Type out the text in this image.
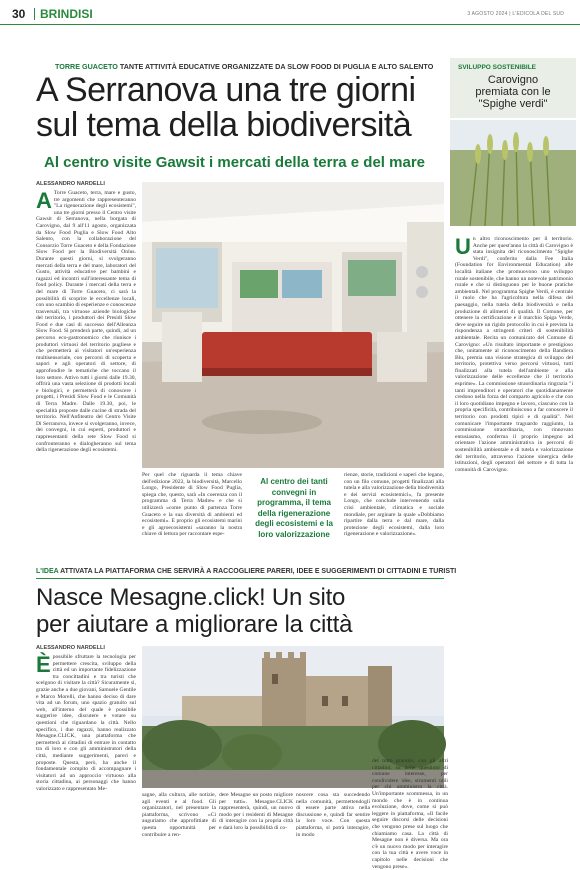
30 BRINDISI	3 AGOSTO 2024 | L'EDICOLA DEL SUD
TORRE GUACETO TANTE ATTIVITÀ EDUCATIVE ORGANIZZATE DA SLOW FOOD DI PUGLIA E ALTO SALENTO
A Serranova una tre giorni
sul tema della biodiversità
Al centro visite Gawsit i mercati della terra e del mare
ALESSANDRO NARDELLI
A Torre Guaceto, terra, mare e gusto, tre argomenti che rappresenteranno "La rigenerazione degli ecosistemi", una tre giorni presso il Centro visite Gawsit di Serranova, nella borgata di Carovigno, dal 9 all'11 agosto, organizzata da Slow Food Puglia e Slow Food Alto Salento, con la collaborazione del Consorzio Torre Guaceto e della Fondazione Slow Food per la Biodiversità Onlus. Durante questi giorni, si svolgeranno mercati della terra e del mare, laboratori del Gusto, attività educative per bambini e ragazzi ed incontri sull'interessante tema di food policy. Durante i mercati della terra e del mare di Torre Guaceto, ci sarà la possibilità di scoprire le eccellenze locali, con uno scambio di esperienze e conoscenze trasversali, tra virtuose aziende biologiche del territorio, i produttori dei Presìdi Slow Food e due casi di successo dell'Alleanza Slow Food. Si prenderà parte, quindi, ad un percorso eco-gastronomico che riunisce i produttori virtuosi del territorio pugliese e che permetterà ai visitatori un'esperienza multisensoriale, con percorsi di scoperta e sapori e agli operatori di settore, di approfondire le tematiche che toccano il loro settore. Attivo tutti i giorni dalle 19.30, offrirà una vasta selezione di prodotti locali e biologici, e permetterà di conoscere i progetti, i Presìdi Slow Food e le Comunità di Terra Madre. Dalle 19.30, poi, le specialità proposte dalle cucine di strada del territorio. Nell'Anfiteatro del Centro Visite Di Serranova, invece si svolgeranno, invece, dei convegni, in cui esperti, produttori e rappresentanti della rete Slow Food si confronteranno e dialogheranno sul tema della rigenerazione degli ecosistemi.
Per quel che riguarda il tema chiave dell'edizione 2022, la biodiversità, Marcello Longo, Presidente di Slow Food Puglia, spiega che, questo, sarà «In coerenza con il programma di Terra Madre» e che si utilizzerà «come punto di partenza Torre Guaceto e la sua diversità di ambienti ed ecosistemi». E proprio gli ecosistemi marini e gli agroecosistemi «saranno la nostra chiave di lettura per raccontare espe-
Al centro dei tanti convegni in programma, il tema della rigenerazione degli ecosistemi e la loro valorizzazione
rienze, storie, tradizioni e saperi che legano, con un filo comune, progetti finalizzati alla tutela e alla valorizzazione della biodiversità e dei servizi ecosistemici», fa presente Longo, che conclude intervenendo sulla crisi ambientale, climatica e sociale mondiale, per arginare la quale «Dobbiamo ripartire dalla terra e dal mare, dalla protezione degli ecosistemi, dalla loro rigenerazione e valorizzazione».
SVILUPPO SOSTENIBILE
Carovigno
premiata con le
"Spighe verdi"
Un altro riconoscimento per il territorio. Anche per quest'anno la città di Carovigno è stata insignita del riconoscimento "Spighe Verdi", conferito dalla Fee Italia (Foundation for Environmental Education) alle località italiane che promuovono uno sviluppo rurale sostenibile, che hanno un notevole patrimonio rurale e che si distinguono per le buone pratiche ambientali. Nel programma Spighe Verdi, è centrale il ruolo che ha l'agricoltura nella difesa del paesaggio, nella tutela della biodiversità e nella produzione di alimenti di qualità. Il Comune, per ottenere la certificazione e il marchio Spiga Verde, deve seguire un rigido protocollo in cui è prevista la rispondenza a stringenti criteri di sostenibilità ambientale. Recita un comunicato del Comune di Carovigno: «Un risultato importante e prestigioso che, unitamente al riconoscimento della Bandiera Blu, premia una visione strategica di sviluppo del territorio, protettiva verso percorsi virtuosi, tutti finalizzati alla tutela dell'ambiente e alla valorizzazione delle eccellenze che il territorio esprime». La commissione straordinaria ringrazia "i tanti imprenditori e operatori che quotidianamente credono nella forza del comparto agricolo e che con il loro quotidiano impegno e lavoro, ciascuno con la propria specificità, contribuiscono a far conoscere il territorio con prodotti tipici e di qualità". Nel comunicare l'importante traguardo raggiunto, la commissione straordinaria, con rinnovato entusiasmo, conferma il proprio impegno ad orientare l'azione amministrativa in percorsi di sostenibilità ambientale e di tutela e valorizzazione del territorio, attraverso l'azione sinergica delle istituzioni, degli operatori del settore e di tutta la comunità di Carovigno.
L'IDEA ATTIVATA LA PIATTAFORMA CHE SERVIRÀ A RACCOGLIERE PARERI, IDEE E SUGGERIMENTI DI CITTADINI E TURISTI
Nasce Mesagne.click! Un sito
per aiutare a migliorare la città
ALESSANDRO NARDELLI
Èpossibile sfruttare la tecnologia per permettere crescita, sviluppo della città ed un importante fidelizzazione tra concittadini e tra turisti che scelgono di visitare la città? Sicuramente sì, grazie anche a due giovani, Samuele Gentile e Marco Morelli, che hanno deciso di dare vita ad un forum, uno spazio gratuito sul web, all'interno del quale è possibile suggerire idee, discutere e votare su questioni che riguardano la città. Nello specifico, i due ragazzi, hanno realizzato Mesagne.CLICK, una piattaforma che permetterà ai cittadini di entrare in contatto tra di loro e con gli amministratori della città, mediante suggerimenti, pareri e proposte. Questa, però, ha anche il fondamentale compito di accompagnare i visitatori ad un approccio virtuoso alla storia cittadina, ai personaggi che hanno valorizzato e rappresentato Me-
sagne, alla cultura, alle notizie, agli eventi e al food. Gli organizzatori, nel presentare la piattaforma, scrivono «Ci auguriamo che approfittiate di questa opportunità per contribuire a ren-
dere Mesagne un posto migliore per tutti». Mesagne.CLICK rappresenterà, quindi, un nuovo modo per i residenti di Mesagne di interagire con la propria città e darà loro la possibilità di co-
noscere cosa sta succedendo nella comunità, permettendogli di essere parte attiva nella discussione e, quindi far sentire la loro voce. Con questa piattaforma, si potrà interagire, in modo
del tutto gratuito, con gli altri cittadini, su delle questioni di comune interesse, per condividere idee, strumenti utili per chi amministra la città. Un'importante scommessa, in un mondo che è in continua evoluzione, dove, come si può leggere in piattaforma, «Il facile seguire discorsi delle decisioni che vengono prese sul luogo che chiamiamo casa. La città di Mesagne non è diversa. Ma ora c'è un nuovo modo per interagire con la tua città e avere voce in capitolo nelle decisioni che vengono prese».
